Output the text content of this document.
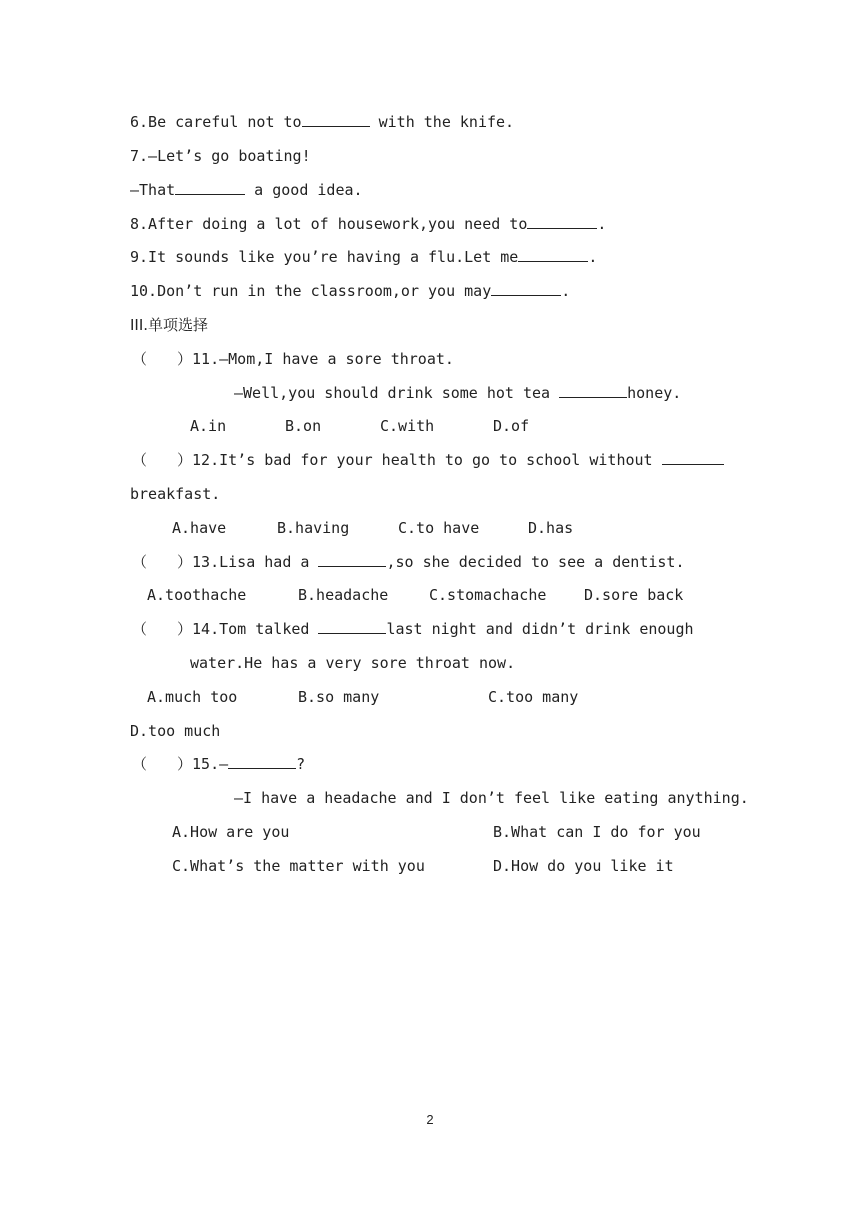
6.Be careful not to	with the knife.
7.—Let’s go boating!
—That	a good idea.
8.After doing a lot of housework,you need to	.
9.It sounds like you’re having a flu.Let me	.
10.Don’t run in the classroom,or you may	.
III.单项选择
（　　）11.—Mom,I have a sore throat.
—Well,you should drink some hot tea	honey.
A.in	B.on	C.with	D.of
（　　）12.It’s bad for your health to go to school without
breakfast.
A.have	B.having	C.to have	D.has
（　　）13.Lisa had a	,so she decided to see a dentist.
A.toothache	B.headache	C.stomachache	D.sore back
（　　）14.Tom talked	last night and didn’t drink enough
water.He has a very sore throat now.
A.much too	B.so many	C.too many
D.too much
（　　）15.—	?
—I have a headache and I don’t feel like eating anything.
A.How are you	B.What can I do for you
C.What’s the matter with you	D.How do you like it
2
